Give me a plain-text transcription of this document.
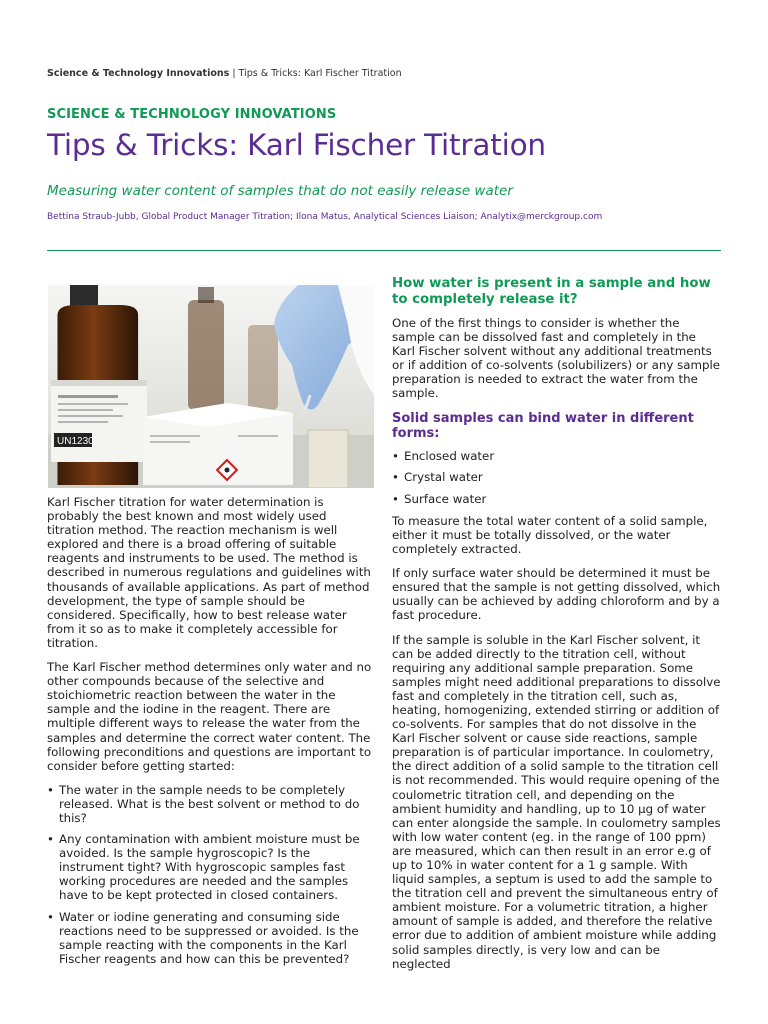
Science & Technology Innovations | Tips & Tricks: Karl Fischer Titration
SCIENCE & TECHNOLOGY INNOVATIONS
Tips & Tricks: Karl Fischer Titration
Measuring water content of samples that do not easily release water
Bettina Straub-Jubb, Global Product Manager Titration; Ilona Matus, Analytical Sciences Liaison; Analytix@merckgroup.com
UN1230

Karl Fischer titration for water determination is probably the best known and most widely used titration method. The reaction mechanism is well explored and there is a broad offering of suitable reagents and instruments to be used. The method is described in numerous regulations and guidelines with thousands of available applications. As part of method development, the type of sample should be considered. Specifically, how to best release water from it so as to make it completely accessible for titration.

The Karl Fischer method determines only water and no other compounds because of the selective and stoichiometric reaction between the water in the sample and the iodine in the reagent. There are multiple different ways to release the water from the samples and determine the correct water content. The following preconditions and questions are important to consider before getting started:

• The water in the sample needs to be completely released. What is the best solvent or method to do this?
• Any contamination with ambient moisture must be avoided. Is the sample hygroscopic? Is the instrument tight? With hygroscopic samples fast working procedures are needed and the samples have to be kept protected in closed containers.
• Water or iodine generating and consuming side reactions need to be suppressed or avoided. Is the sample reacting with the components in the Karl Fischer reagents and how can this be prevented?
How water is present in a sample and how to completely release it?

One of the first things to consider is whether the sample can be dissolved fast and completely in the Karl Fischer solvent without any additional treatments or if addition of co-solvents (solubilizers) or any sample preparation is needed to extract the water from the sample.

Solid samples can bind water in different forms:
• Enclosed water
• Crystal water
• Surface water

To measure the total water content of a solid sample, either it must be totally dissolved, or the water completely extracted.

If only surface water should be determined it must be ensured that the sample is not getting dissolved, which usually can be achieved by adding chloroform and by a fast procedure.

If the sample is soluble in the Karl Fischer solvent, it can be added directly to the titration cell, without requiring any additional sample preparation. Some samples might need additional preparations to dissolve fast and completely in the titration cell, such as, heating, homogenizing, extended stirring or addition of co-solvents. For samples that do not dissolve in the Karl Fischer solvent or cause side reactions, sample preparation is of particular importance. In coulometry, the direct addition of a solid sample to the titration cell is not recommended. This would require opening of the coulometric titration cell, and depending on the ambient humidity and handling, up to 10 µg of water can enter alongside the sample. In coulometry samples with low water content (eg. in the range of 100 ppm) are measured, which can then result in an error e.g of up to 10% in water content for a 1 g sample. With liquid samples, a septum is used to add the sample to the titration cell and prevent the simultaneous entry of ambient moisture. For a volumetric titration, a higher amount of sample is added, and therefore the relative error due to addition of ambient moisture while adding solid samples directly, is very low and can be neglected
